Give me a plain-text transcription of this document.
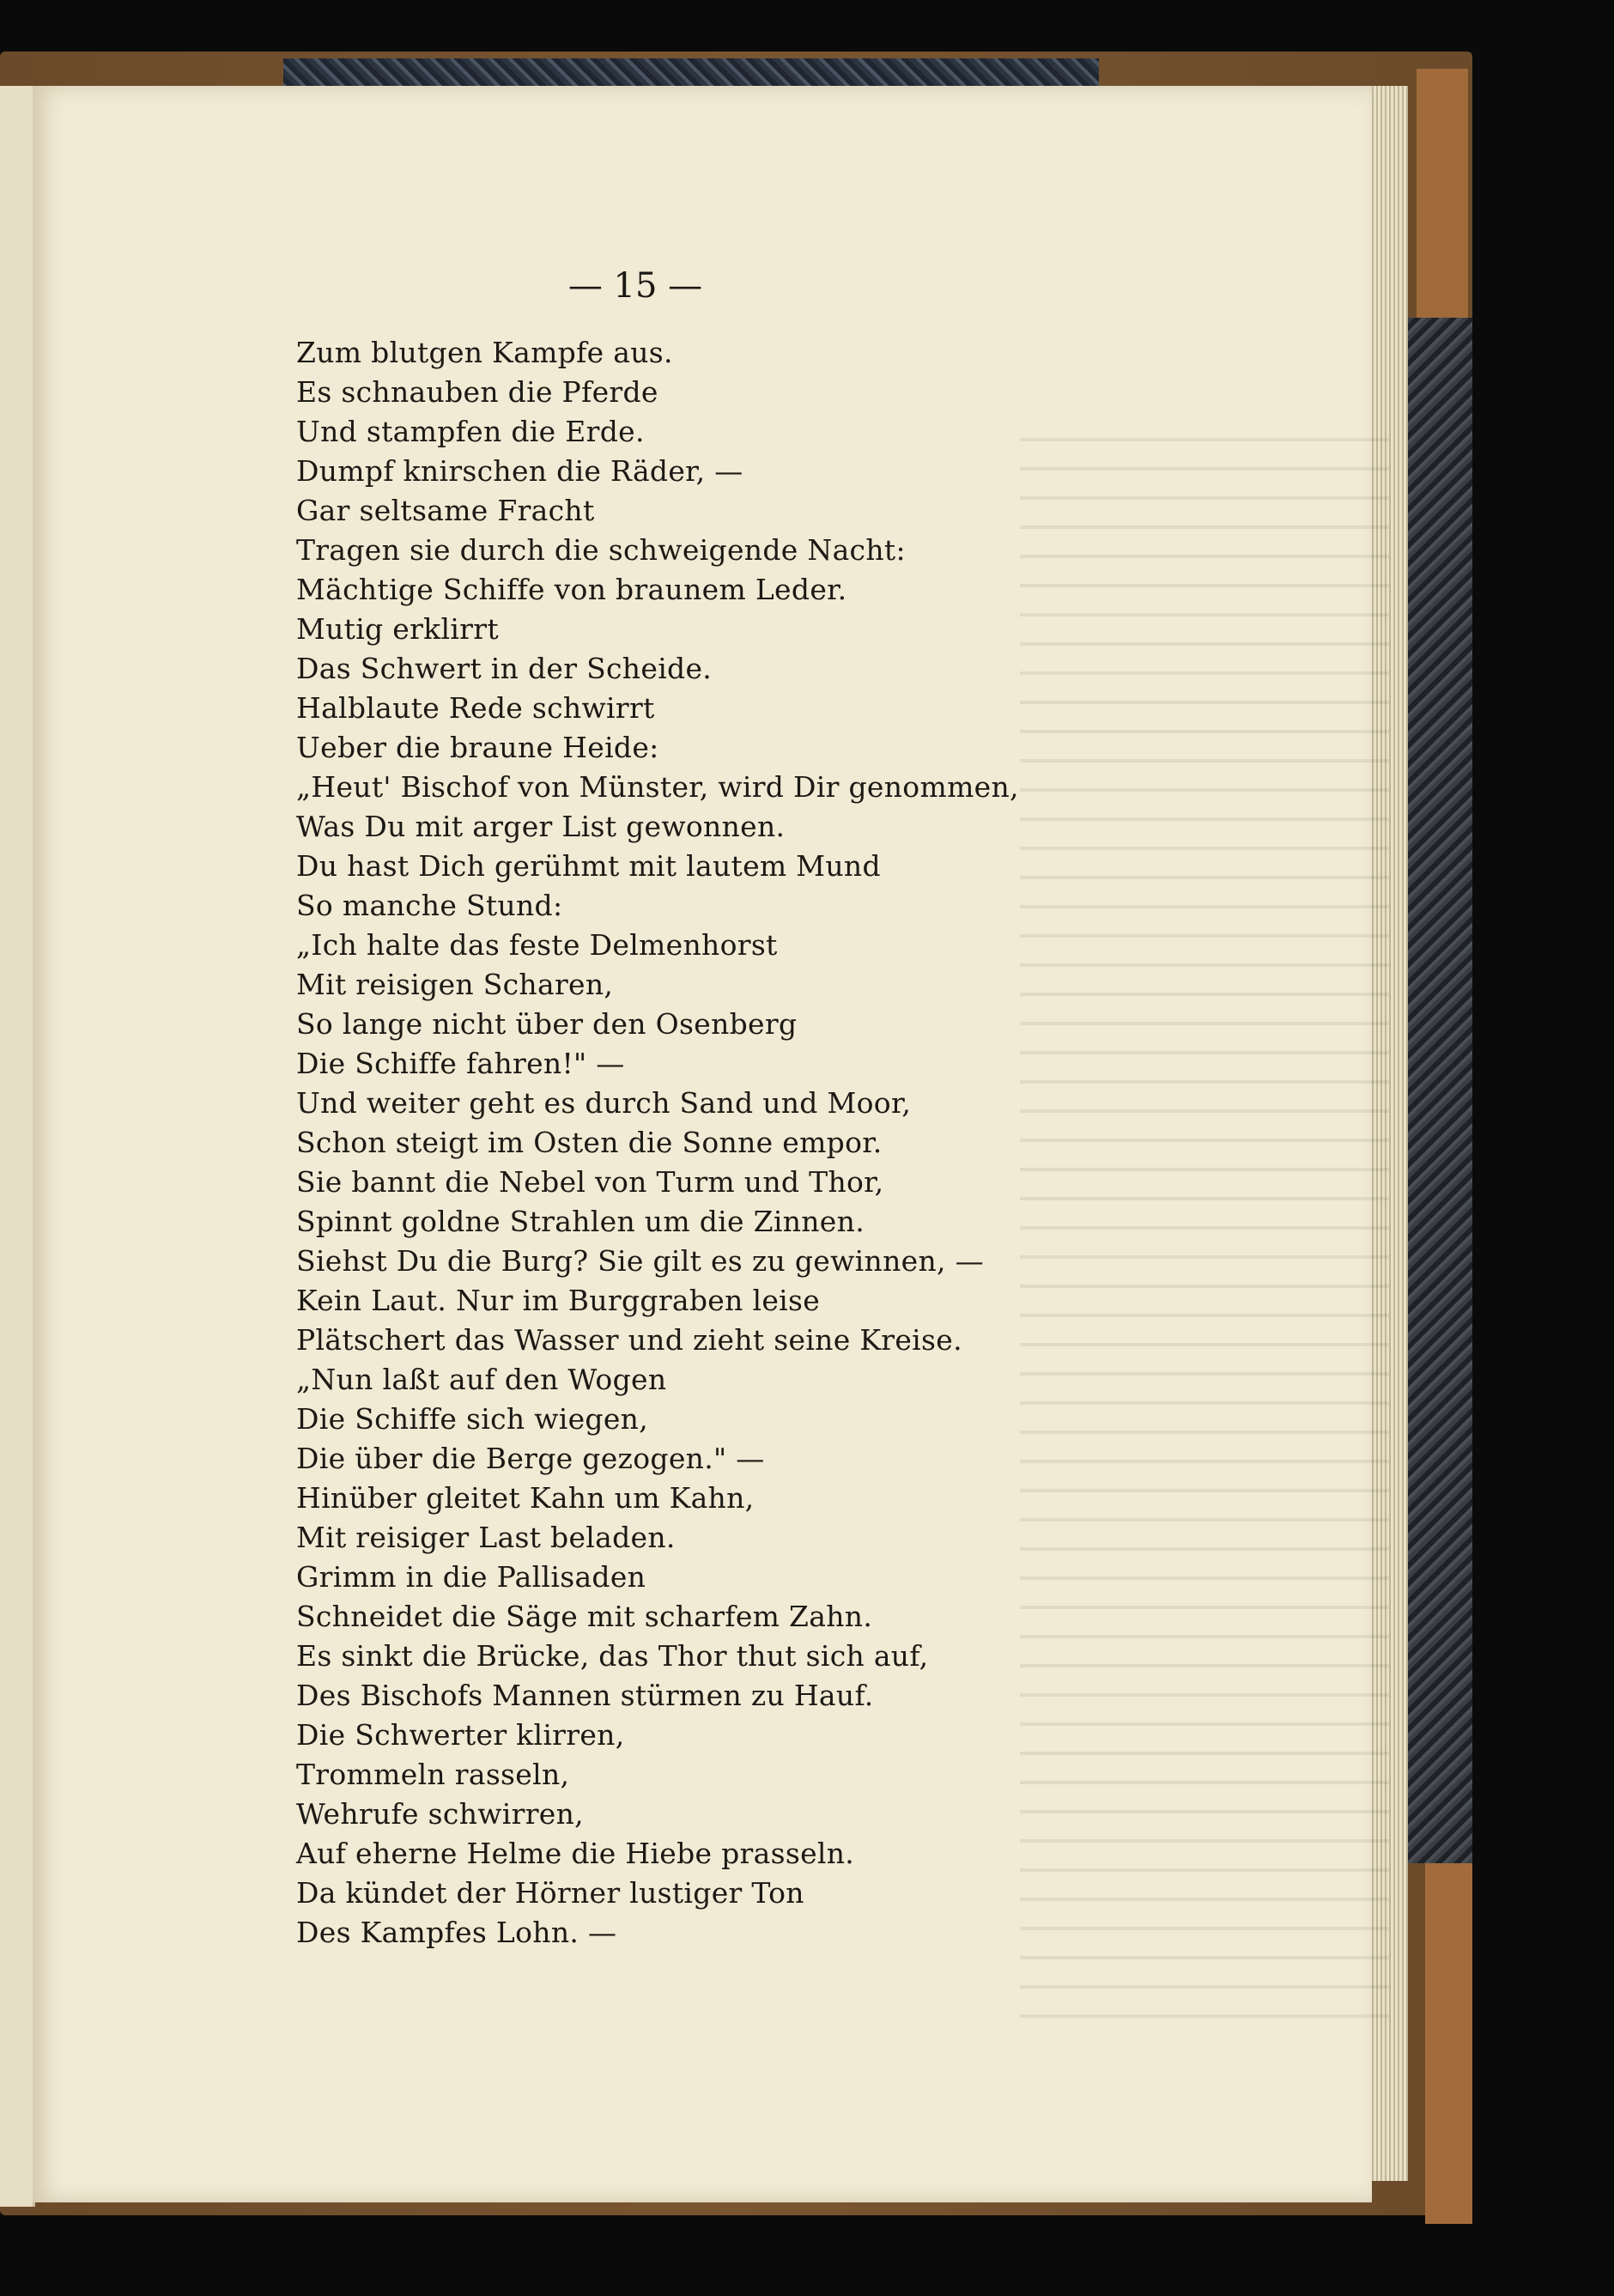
— 15 —
Zum blutgen Kampfe aus.
Es schnauben die Pferde
Und stampfen die Erde.
Dumpf knirschen die Räder, —
Gar seltsame Fracht
Tragen sie durch die schweigende Nacht:
Mächtige Schiffe von braunem Leder.
Mutig erklirrt
Das Schwert in der Scheide.
Halblaute Rede schwirrt
Ueber die braune Heide:
„Heut' Bischof von Münster, wird Dir genommen,
Was Du mit arger List gewonnen.
Du hast Dich gerühmt mit lautem Mund
So manche Stund:
„Ich halte das feste Delmenhorst
Mit reisigen Scharen,
So lange nicht über den Osenberg
Die Schiffe fahren!" —
Und weiter geht es durch Sand und Moor,
Schon steigt im Osten die Sonne empor.
Sie bannt die Nebel von Turm und Thor,
Spinnt goldne Strahlen um die Zinnen.
Siehst Du die Burg? Sie gilt es zu gewinnen, —
Kein Laut. Nur im Burggraben leise
Plätschert das Wasser und zieht seine Kreise.
„Nun laßt auf den Wogen
Die Schiffe sich wiegen,
Die über die Berge gezogen." —
Hinüber gleitet Kahn um Kahn,
Mit reisiger Last beladen.
Grimm in die Pallisaden
Schneidet die Säge mit scharfem Zahn.
Es sinkt die Brücke, das Thor thut sich auf,
Des Bischofs Mannen stürmen zu Hauf.
Die Schwerter klirren,
Trommeln rasseln,
Wehrufe schwirren,
Auf eherne Helme die Hiebe prasseln.
Da kündet der Hörner lustiger Ton
Des Kampfes Lohn. —
